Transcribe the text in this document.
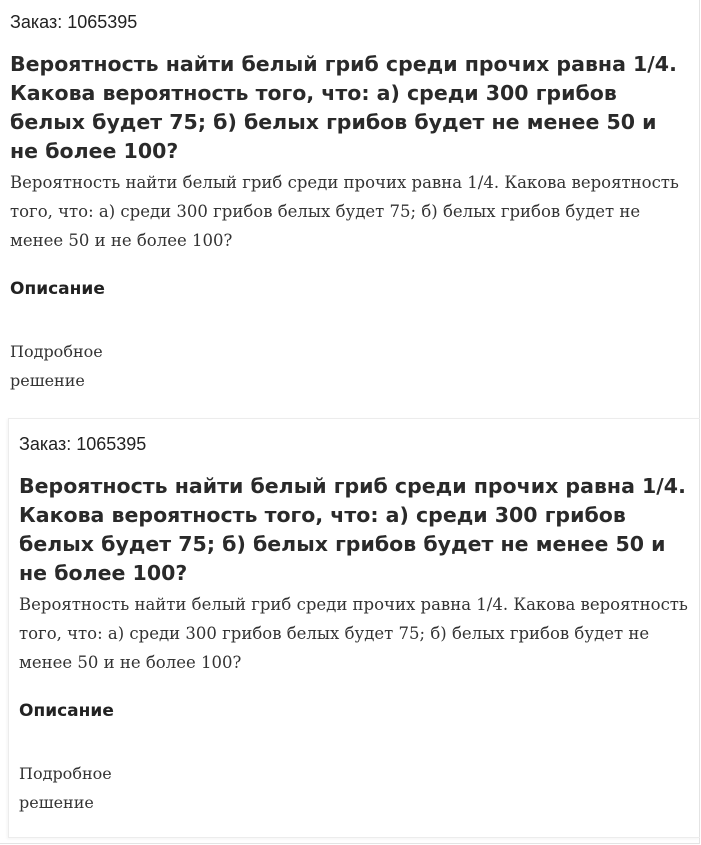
Заказ: 1065395

Вероятность найти белый гриб среди прочих равна 1/4. Какова вероятность того, что: а) среди 300 грибов белых будет 75; б) белых грибов будет не менее 50 и не более 100?

Вероятность найти белый гриб среди прочих равна 1/4. Какова вероятность того, что: а) среди 300 грибов белых будет 75; б) белых грибов будет не менее 50 и не более 100?

Описание
Подробное решение

Заказ: 1065395

Вероятность найти белый гриб среди прочих равна 1/4. Какова вероятность того, что: а) среди 300 грибов белых будет 75; б) белых грибов будет не менее 50 и не более 100?

Вероятность найти белый гриб среди прочих равна 1/4. Какова вероятность того, что: а) среди 300 грибов белых будет 75; б) белых грибов будет не менее 50 и не более 100?

Описание
Подробное решение
